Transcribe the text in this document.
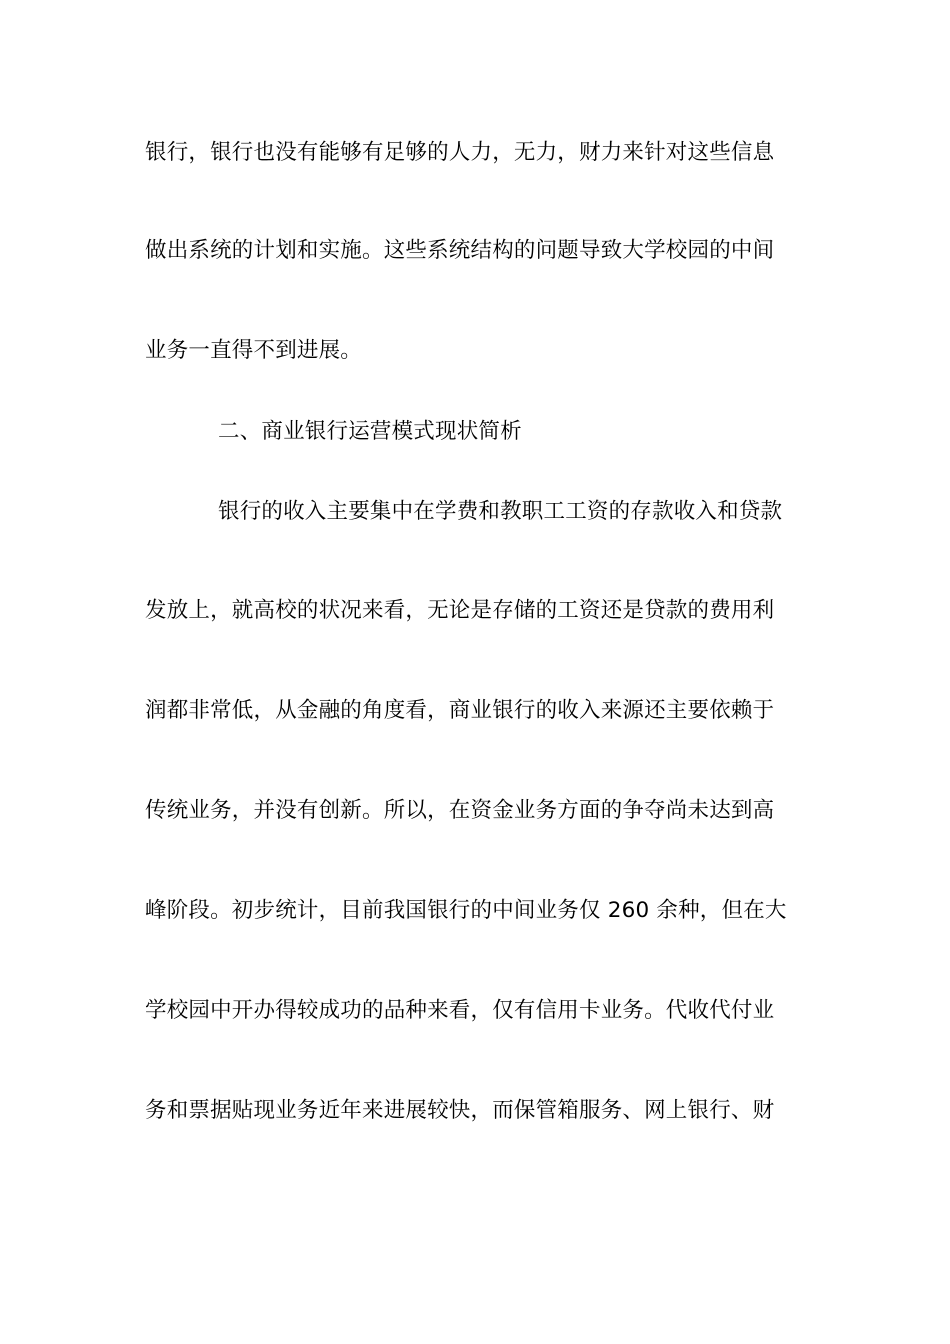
银行，银行也没有能够有足够的人力，无力，财力来针对这些信息
做出系统的计划和实施。这些系统结构的问题导致大学校园的中间
业务一直得不到进展。
二、商业银行运营模式现状简析
银行的收入主要集中在学费和教职工工资的存款收入和贷款
发放上，就高校的状况来看，无论是存储的工资还是贷款的费用利
润都非常低，从金融的角度看，商业银行的收入来源还主要依赖于
传统业务，并没有创新。所以，在资金业务方面的争夺尚未达到高
峰阶段。初步统计，目前我国银行的中间业务仅 260 余种，但在大
学校园中开办得较成功的品种来看，仅有信用卡业务。代收代付业
务和票据贴现业务近年来进展较快，而保管箱服务、网上银行、财
